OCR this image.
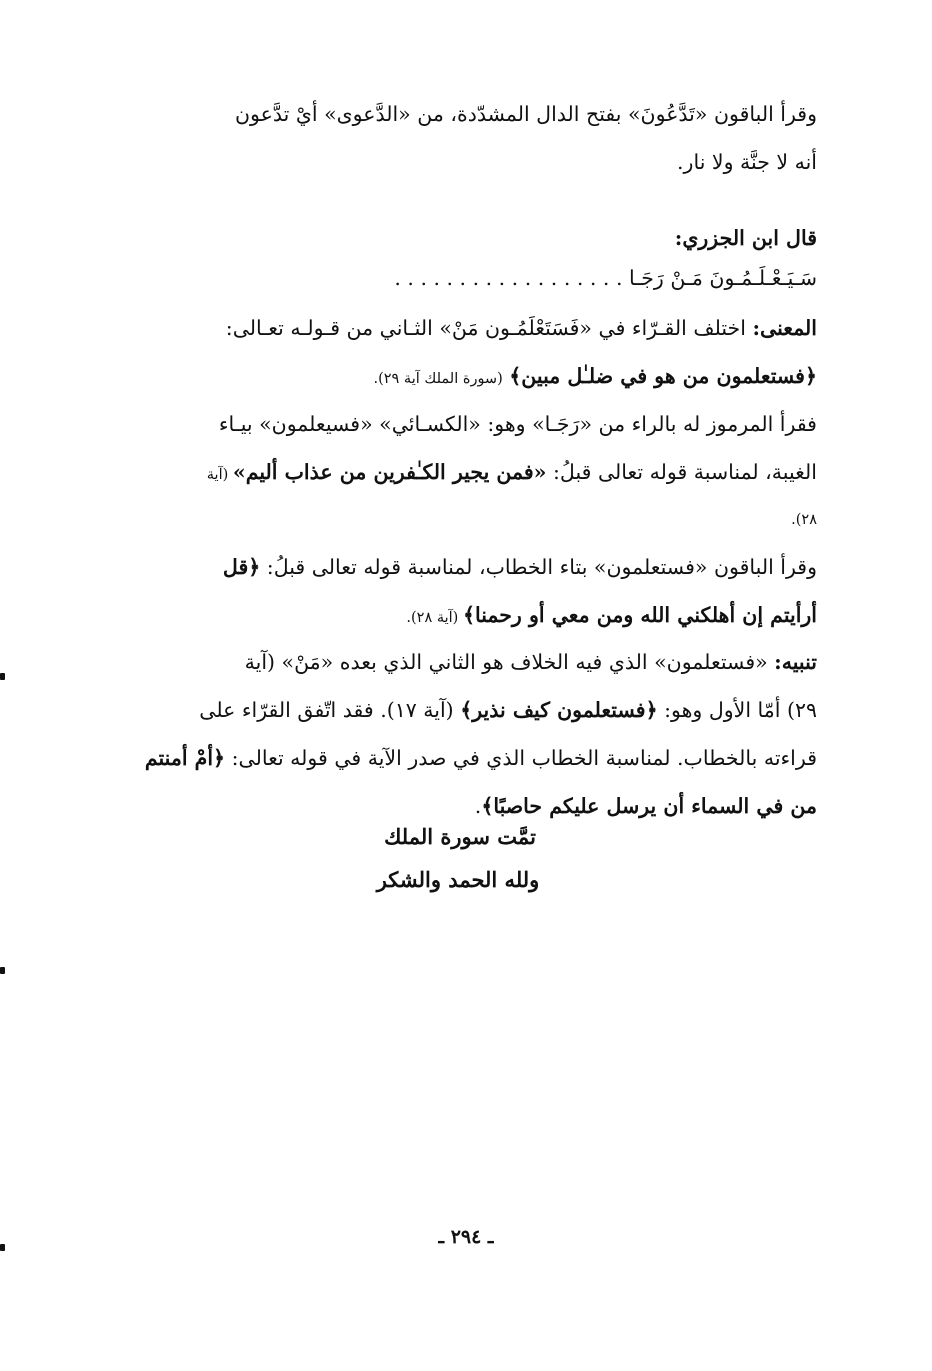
وقرأ الباقون «تَدَّعُونَ» بفتح الدال المشدّدة، من «الدَّعوى» أيْ تدَّعون
أنه لا جنَّة ولا نار.
قال ابن الجزري:
سَـيَـعْـلَـمُـونَ مَـنْ رَجَـا . . . . . . . . . . . . . . . . . .
المعنى: اختلف القـرّاء في «فَسَتَعْلَمُـون مَنْ» الثـاني من قـولـه تعـالى:
﴿فستعلمون من هو في ضلـٰل مبين﴾ (سورة الملك آية ٢٩).
فقرأ المرموز له بالراء من «رَجَـا» وهو: «الكسـائي» «فسيعلمون» بيـاء
الغيبة، لمناسبة قوله تعالى قبلُ: «فمن يجير الكـٰفرين من عذاب أليم» (آية
٢٨).
وقرأ الباقون «فستعلمون» بتاء الخطاب، لمناسبة قوله تعالى قبلُ: ﴿قل
أرأيتم إن أهلكني الله ومن معي أو رحمنا﴾ (آية ٢٨).
تنبيه: «فستعلمون» الذي فيه الخلاف هو الثاني الذي بعده «مَنْ» (آية
٢٩) أمّا الأول وهو: ﴿فستعلمون كيف نذير﴾ (آية ١٧). فقد اتّفق القرّاء على
قراءته بالخطاب. لمناسبة الخطاب الذي في صدر الآية في قوله تعالى: ﴿أمْ أمنتم
من في السماء أن يرسل عليكم حاصبًا﴾.
تمَّت سورة الملك
ولله الحمد والشكر
ـ ٢٩٤ ـ
